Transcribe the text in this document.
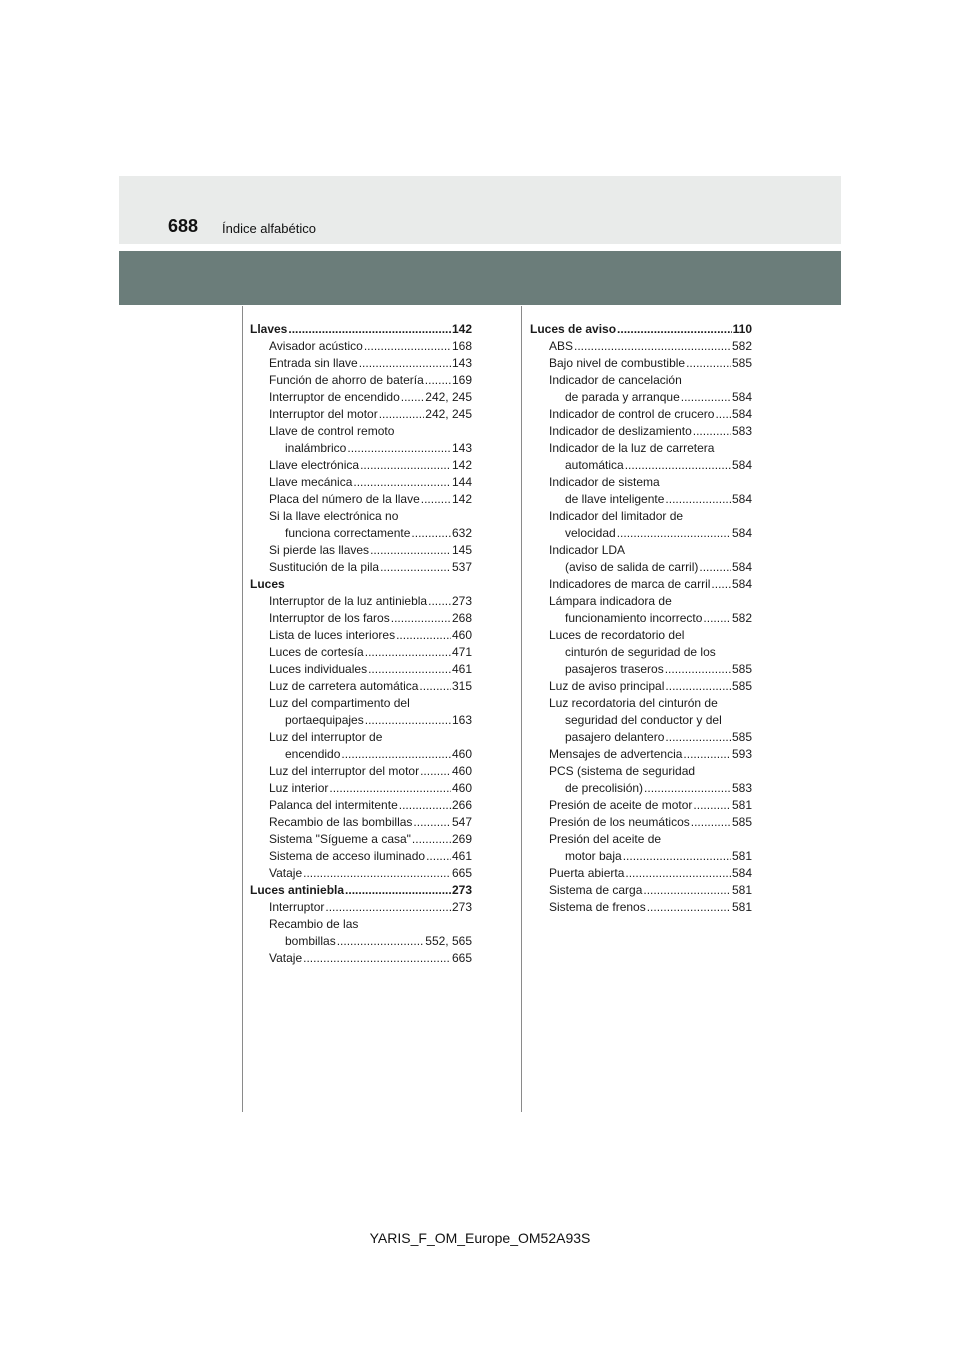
688 Índice alfabético
Llaves .....	142
Avisador acústico .....	168
Entrada sin llave .....	143
Función de ahorro de batería ..... 169
Interruptor de encendido ..... 242, 245
Interruptor del motor .....	242, 245
Llave de control remoto
inalámbrico .....	143
Llave electrónica .....	142
Llave mecánica .....	144
Placa del número de la llave .....	142
Si la llave electrónica no
funciona correctamente .....	632
Si pierde las llaves .....	145
Sustitución de la pila .....	537
Luces
Interruptor de la luz antiniebla ..... 273
Interruptor de los faros .....	268
Lista de luces interiores .....	460
Luces de cortesía .....	471
Luces individuales .....	461
Luz de carretera automática .....	315
Luz del compartimento del
portaequipajes .....	163
Luz del interruptor de
encendido .....	460
Luz del interruptor del motor .....	460
Luz interior .....	460
Palanca del intermitente .....	266
Recambio de las bombillas .....	547
Sistema "Sígueme a casa" .....	269
Sistema de acceso iluminado ..... 461
Vataje .....	665
Luces antiniebla .....	273
Interruptor .....	273
Recambio de las
bombillas .....	552, 565
Vataje .....	665
Luces de aviso .....	110
ABS .....	582
Bajo nivel de combustible .....	585
Indicador de cancelación
de parada y arranque .....	584
Indicador de control de crucero ..... 584
Indicador de deslizamiento .....	583
Indicador de la luz de carretera
automática .....	584
Indicador de sistema
de llave inteligente .....	584
Indicador del limitador de
velocidad .....	584
Indicador LDA
(aviso de salida de carril) .....	584
Indicadores de marca de carril ..... 584
Lámpara indicadora de
funcionamiento incorrecto ..... 582
Luces de recordatorio del
cinturón de seguridad de los
pasajeros traseros .....	585
Luz de aviso principal .....	585
Luz recordatoria del cinturón de
seguridad del conductor y del
pasajero delantero .....	585
Mensajes de advertencia .....	593
PCS (sistema de seguridad
de precolisión) .....	583
Presión de aceite de motor .....	581
Presión de los neumáticos .....	585
Presión del aceite de
motor baja .....	581
Puerta abierta .....	584
Sistema de carga .....	581
Sistema de frenos .....	581
YARIS_F_OM_Europe_OM52A93S
